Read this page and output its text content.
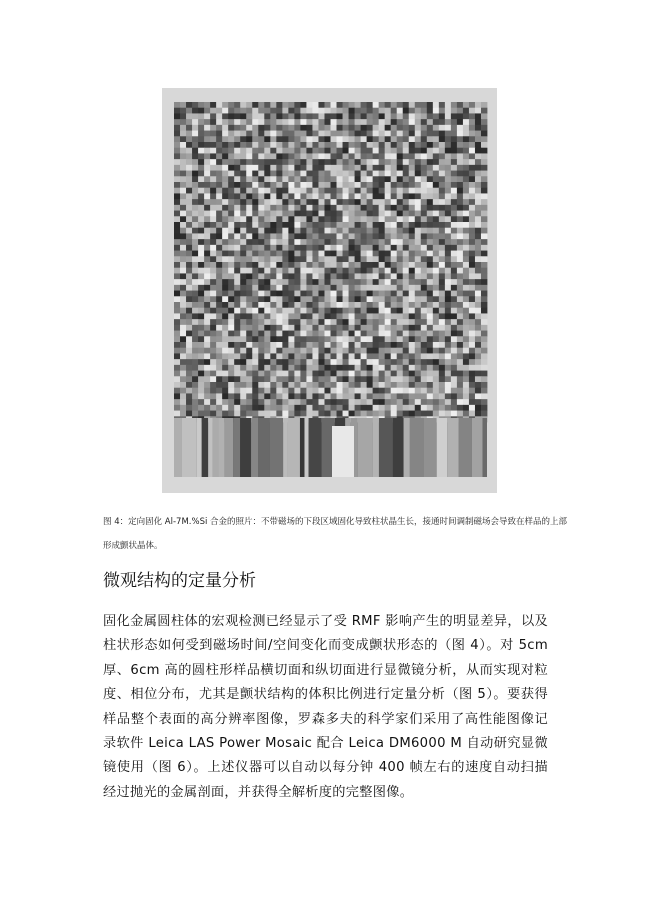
图 4：定向固化 Al-7M.%Si 合金的照片：不带磁场的下段区域固化导致柱状晶生长，接通时间调制磁场会导致在样品的上部形成颤状晶体。
微观结构的定量分析
固化金属圆柱体的宏观检测已经显示了受 RMF 影响产生的明显差异，以及柱状形态如何受到磁场时间/空间变化而变成颤状形态的（图 4）。对 5cm 厚、6cm 高的圆柱形样品横切面和纵切面进行显微镜分析，从而实现对粒度、相位分布，尤其是颤状结构的体积比例进行定量分析（图 5）。要获得样品整个表面的高分辨率图像，罗森多夫的科学家们采用了高性能图像记录软件 Leica LAS Power Mosaic 配合 Leica DM6000 M 自动研究显微镜使用（图 6）。上述仪器可以自动以每分钟 400 帧左右的速度自动扫描经过抛光的金属剖面，并获得全解析度的完整图像。
